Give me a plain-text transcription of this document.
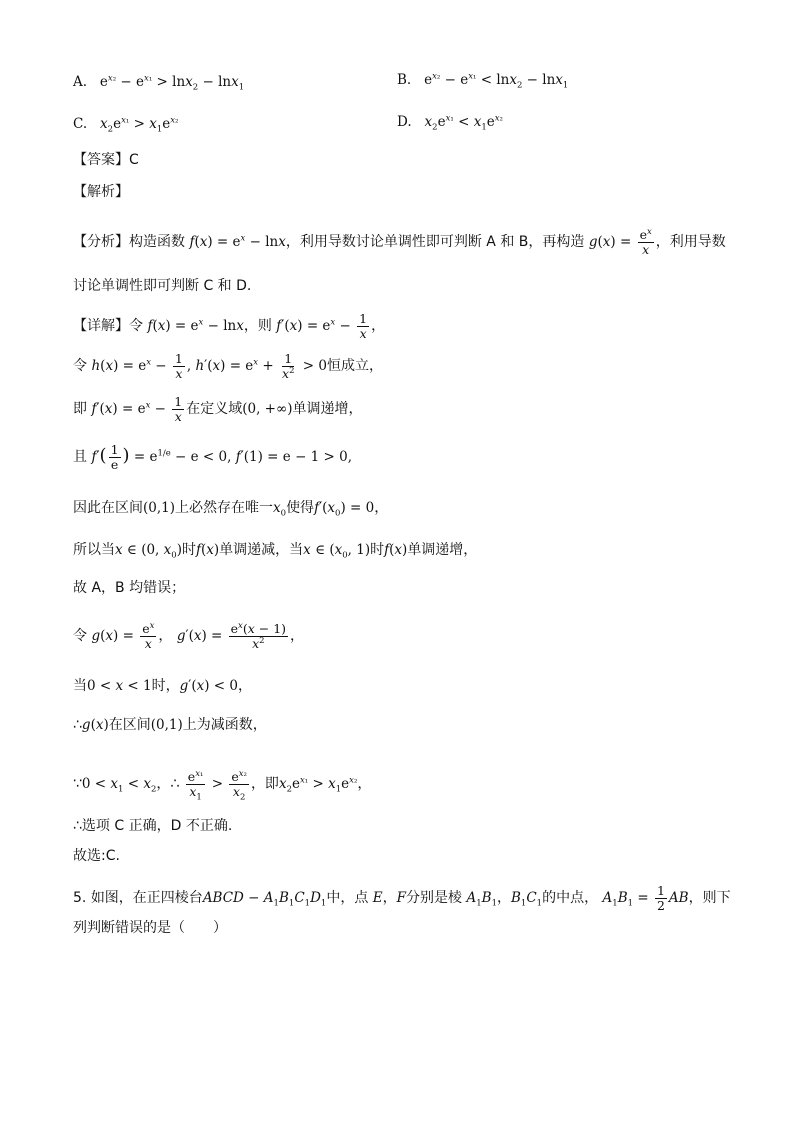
A. $e^{x_2} - e^{x_1} > \ln x_2 - \ln x_1$	B. $e^{x_2} - e^{x_1} < \ln x_2 - \ln x_1$
C. $x_2e^{x_1} > x_1e^{x_2}$	D. $x_2e^{x_1} < x_1e^{x_2}$
【答案】C
【解析】
【分析】构造函数 $f(x) = e^x - \ln x$，利用导数讨论单调性即可判断 A 和 B，再构造 $g(x) = \frac{e^x}{x}$ ，利用导数
讨论单调性即可判断 C 和 D.
【详解】令 $f(x) = e^x - \ln x$，则 $f'(x) = e^x - \frac{1}{x}$ ，
令 $h(x) = e^x - \frac{1}{x}$ , $h'(x) = e^x + \frac{1}{x^2} > 0$恒成立，
即 $f'(x) = e^x - \frac{1}{x}$ 在定义域(0, +∞)单调递增，
且 $f'( \frac{1}{e}$ ) = $e^{1/e} - e < 0$, f′(1) = e − 1 > 0,
因此在区间(0,1)上必然存在唯一$x_0$使得$f'(x_0) = 0$，
所以当x ∈ (0, $x_0$)时f(x)单调递减，当x ∈ ($x_0$, 1)时f(x)单调递增，
故 A，B 均错误；
令 $g(x) = \frac{e^x}{x}$ ， $g'(x) = \frac{e^x(x - 1)}{x^2}$ ，
当0 < x < 1时，g′(x) < 0，
∴g(x)在区间(0,1)上为减函数，
∵0 < $x_1 < x_2$，∴ $\frac{e^{x_1}}{x_1} > \frac{e^{x_2}}{x_2}$ ，即$x_2e^{x_1} > x_1e^{x_2}$，
∴选项 C 正确，D 不正确.
故选:C.
5. 如图，在正四棱台ABCD − $A_1B_1C_1D_1$中，点 E，F分别是棱 $A_1B_1$，$B_1C_1$的中点， $A_1B_1 = \frac{1}{2}$ AB，则下
列判断错误的是（　　）
